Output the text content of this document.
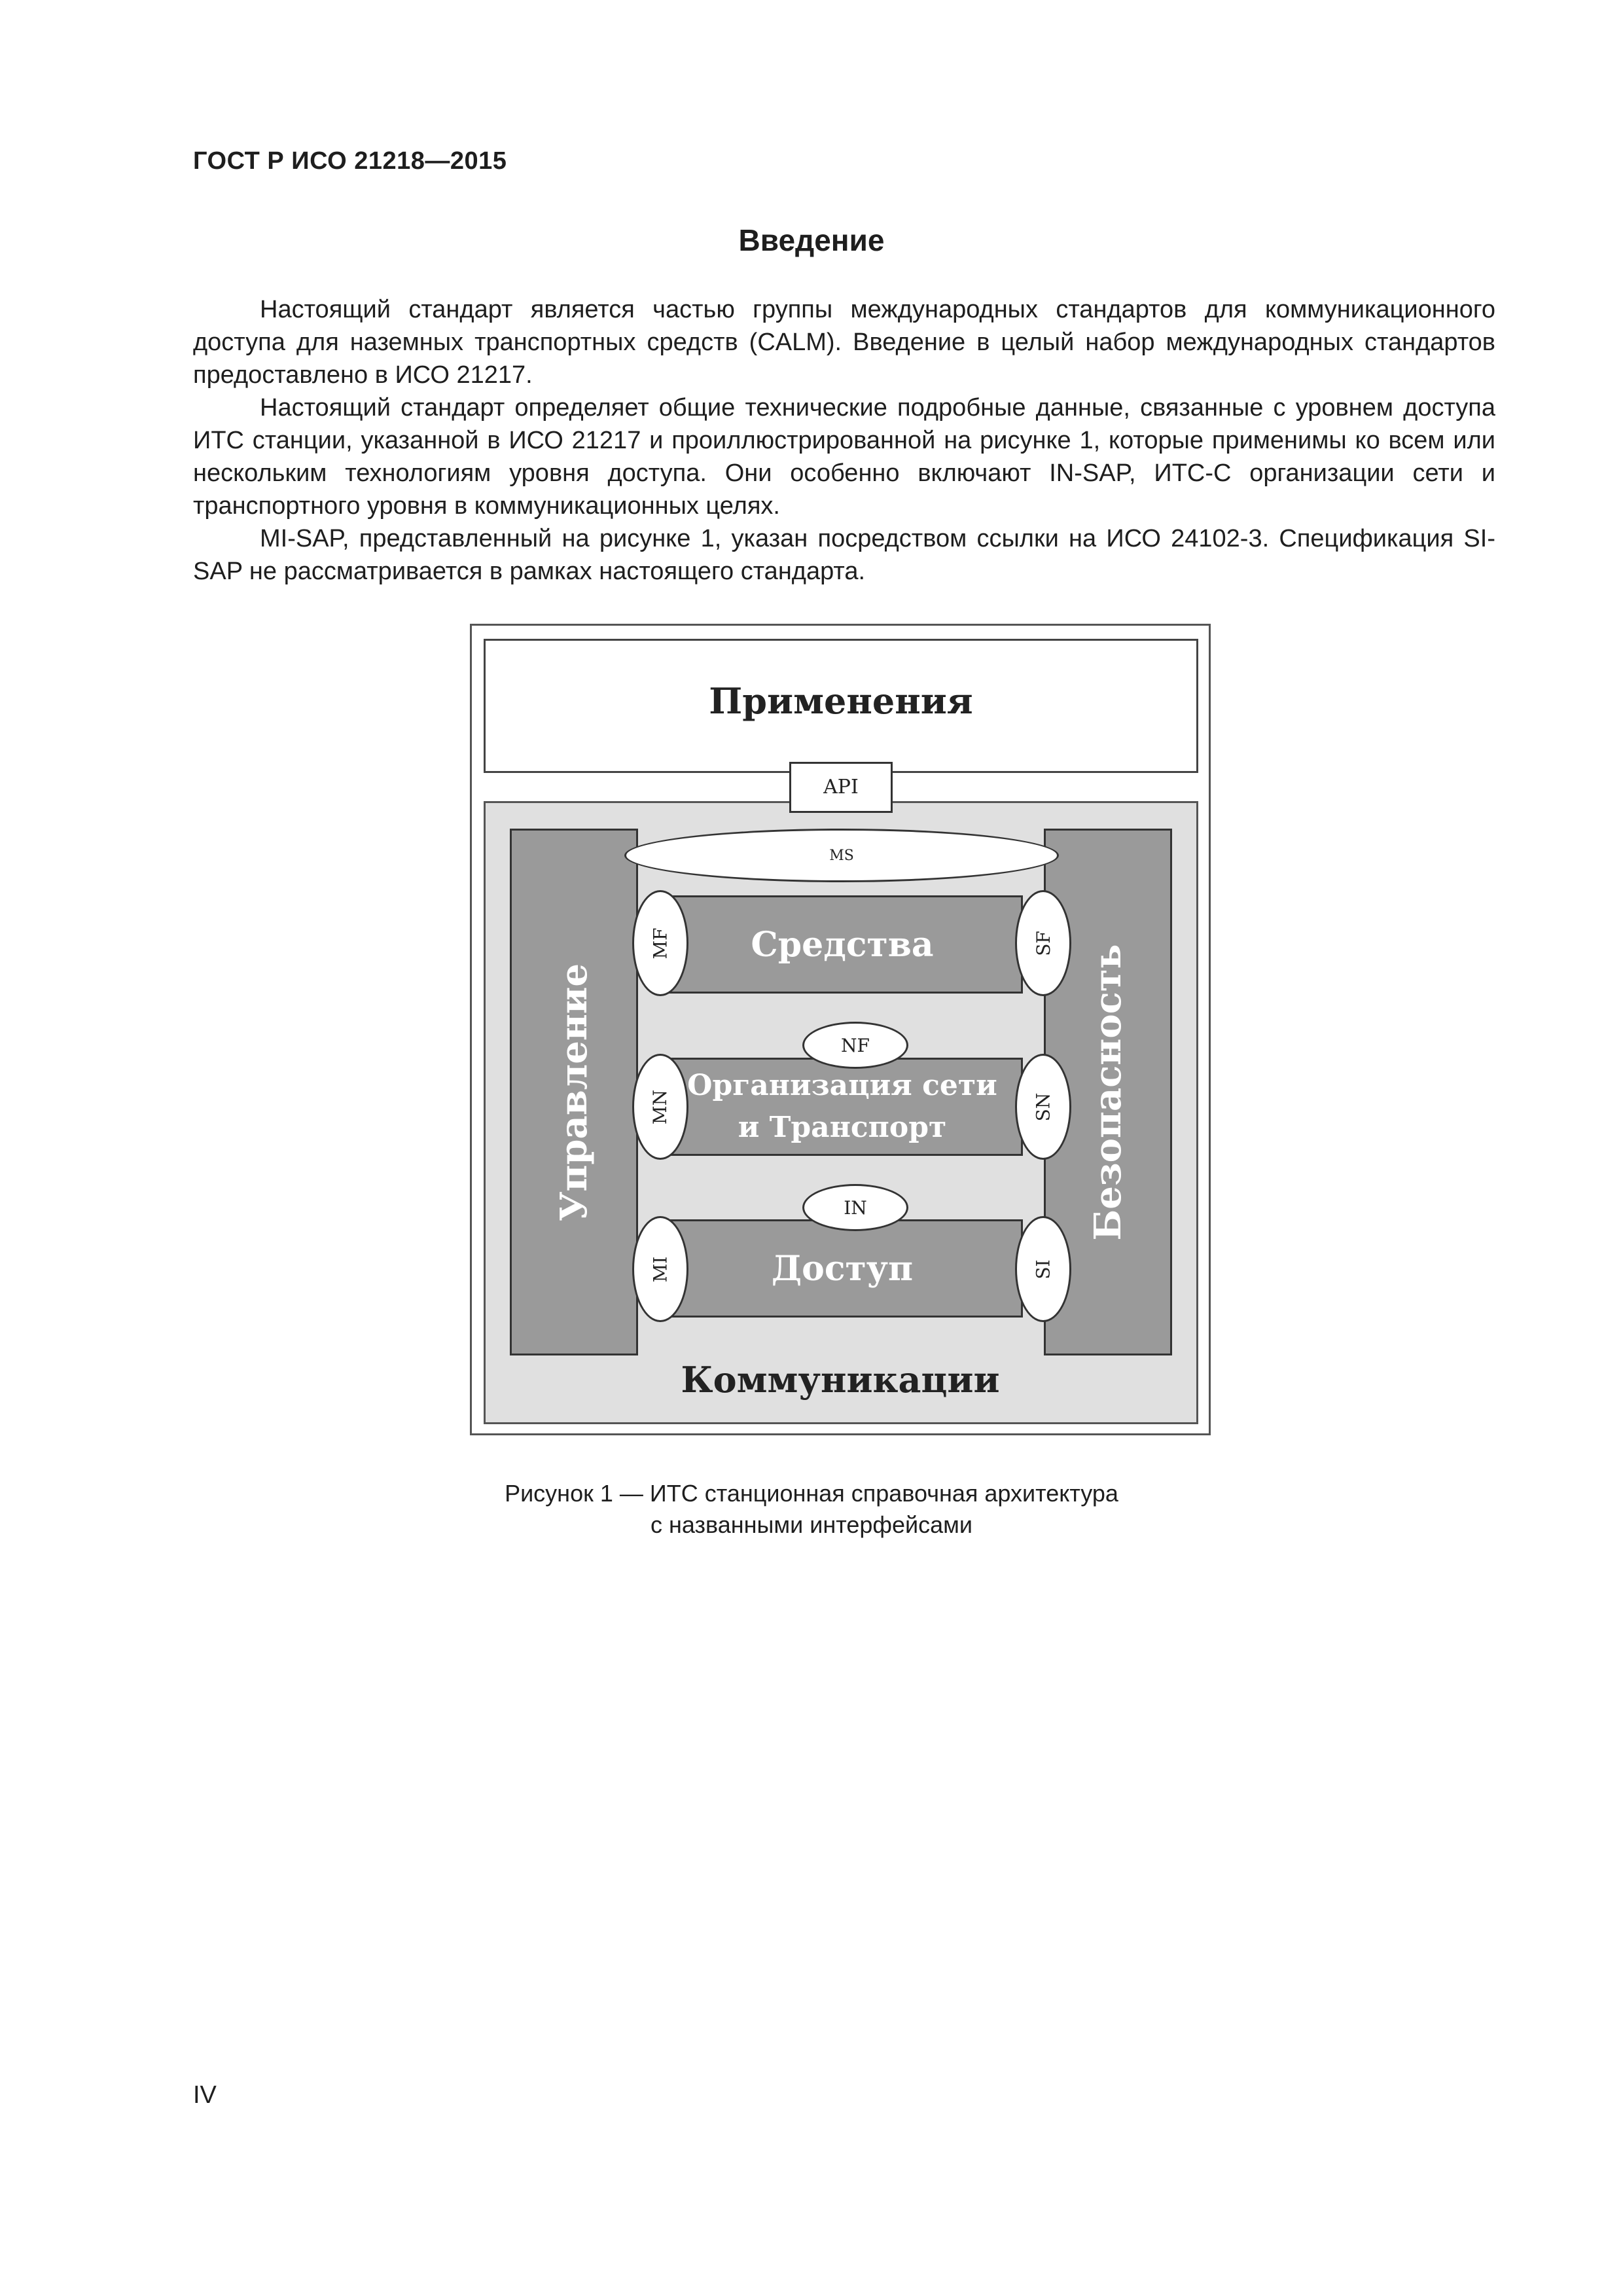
ГОСТ Р ИСО 21218—2015
Введение

Настоящий стандарт является частью группы международных стандартов для коммуникационного доступа для наземных транспортных средств (CALM). Введение в целый набор международных стандартов предоставлено в ИСО 21217.

Настоящий стандарт определяет общие технические подробные данные, связанные с уровнем доступа ИТС станции, указанной в ИСО 21217 и проиллюстрированной на рисунке 1, которые применимы ко всем или нескольким технологиям уровня доступа. Они особенно включают IN-SAP, ИТС-С организации сети и транспортного уровня в коммуникационных целях.

MI-SAP, представленный на рисунке 1, указан посредством ссылки на ИСО 24102-3. Спецификация SI-SAP не рассматривается в рамках настоящего стандарта.

Применения
Коммуникации
API
Управление	Безопасность
Средства
Организация сети
и Транспорт
Доступ
MS
NF
IN
MF
MN
MI
SF
SN
SI
Рисунок 1 — ИТС станционная справочная архитектура
с названными интерфейсами
IV
